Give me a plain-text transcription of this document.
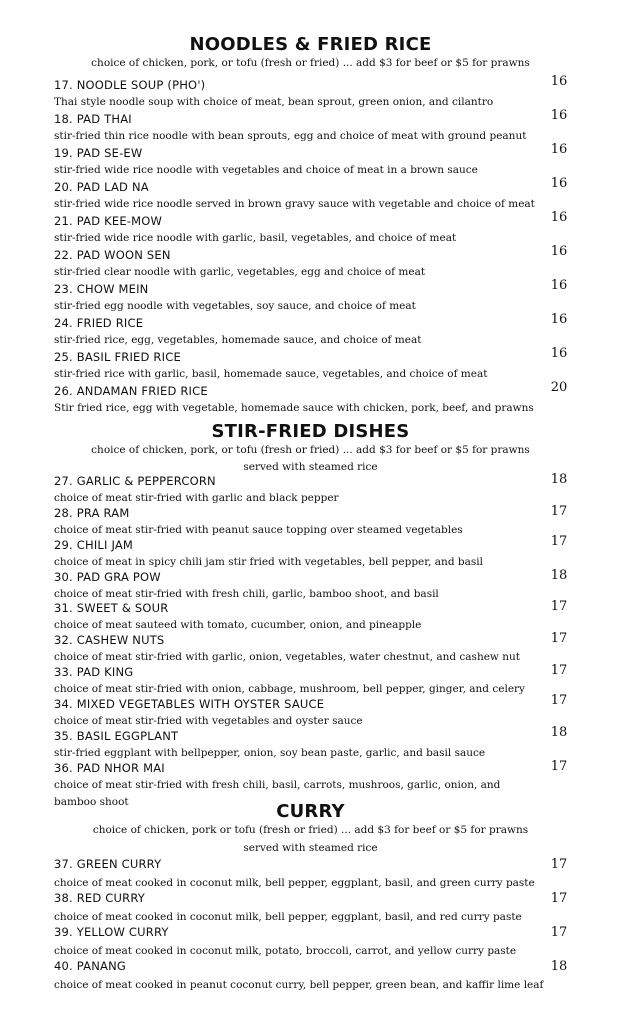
NOODLES & FRIED RICE
choice of chicken, pork, or tofu (fresh or fried) ... add $3 for beef or $5 for prawns
17. NOODLE SOUP (PHO')	16
Thai style noodle soup with choice of meat, bean sprout, green onion, and cilantro
18. PAD THAI	16
stir-fried thin rice noodle with bean sprouts, egg and choice of meat with ground peanut
19. PAD SE-EW	16
stir-fried wide rice noodle with vegetables and choice of meat in a brown sauce
20. PAD LAD NA	16
stir-fried wide rice noodle served in brown gravy sauce with vegetable and choice of meat
21. PAD KEE-MOW	16
stir-fried wide rice noodle with garlic, basil, vegetables, and choice of meat
22. PAD WOON SEN	16
stir-fried clear noodle with garlic, vegetables, egg and choice of meat
23. CHOW MEIN	16
stir-fried egg noodle with vegetables, soy sauce, and choice of meat
24. FRIED RICE	16
stir-fried rice, egg, vegetables, homemade sauce, and choice of meat
25. BASIL FRIED RICE	16
stir-fried rice with garlic, basil, homemade sauce, vegetables, and choice of meat
26. ANDAMAN FRIED RICE	20
Stir fried rice, egg with vegetable, homemade sauce with chicken, pork, beef, and prawns
STIR-FRIED DISHES
choice of chicken, pork, or tofu (fresh or fried) ... add $3 for beef or $5 for prawns
served with steamed rice
27. GARLIC & PEPPERCORN	18
choice of meat stir-fried with garlic and black pepper
28. PRA RAM	17
choice of meat stir-fried with peanut sauce topping over steamed vegetables
29. CHILI JAM	17
choice of meat in spicy chili jam stir fried with vegetables, bell pepper, and basil
30. PAD GRA POW	18
choice of meat stir-fried with fresh chili, garlic, bamboo shoot, and basil
31. SWEET & SOUR	17
choice of meat sauteed with tomato, cucumber, onion, and pineapple
32. CASHEW NUTS	17
choice of meat stir-fried with garlic, onion, vegetables, water chestnut, and cashew nut
33. PAD KING	17
choice of meat stir-fried with onion, cabbage, mushroom, bell pepper, ginger, and celery
34. MIXED VEGETABLES WITH OYSTER SAUCE	17
choice of meat stir-fried with vegetables and oyster sauce
35. BASIL EGGPLANT	18
stir-fried eggplant with bellpepper, onion, soy bean paste, garlic, and basil sauce
36. PAD NHOR MAI	17
choice of meat stir-fried with fresh chili, basil, carrots, mushroos, garlic, onion, and bamboo shoot	CURRY
choice of chicken, pork or tofu (fresh or fried) ... add $3 for beef or $5 for prawns
served with steamed rice
37. GREEN CURRY	17
choice of meat cooked in coconut milk, bell pepper, eggplant, basil, and green curry paste
38. RED CURRY	17
choice of meat cooked in coconut milk, bell pepper, eggplant, basil, and red curry paste
39. YELLOW CURRY	17
choice of meat cooked in coconut milk, potato, broccoli, carrot, and yellow curry paste
40. PANANG	18
choice of meat cooked in peanut coconut curry, bell pepper, green bean, and kaffir lime leaf
